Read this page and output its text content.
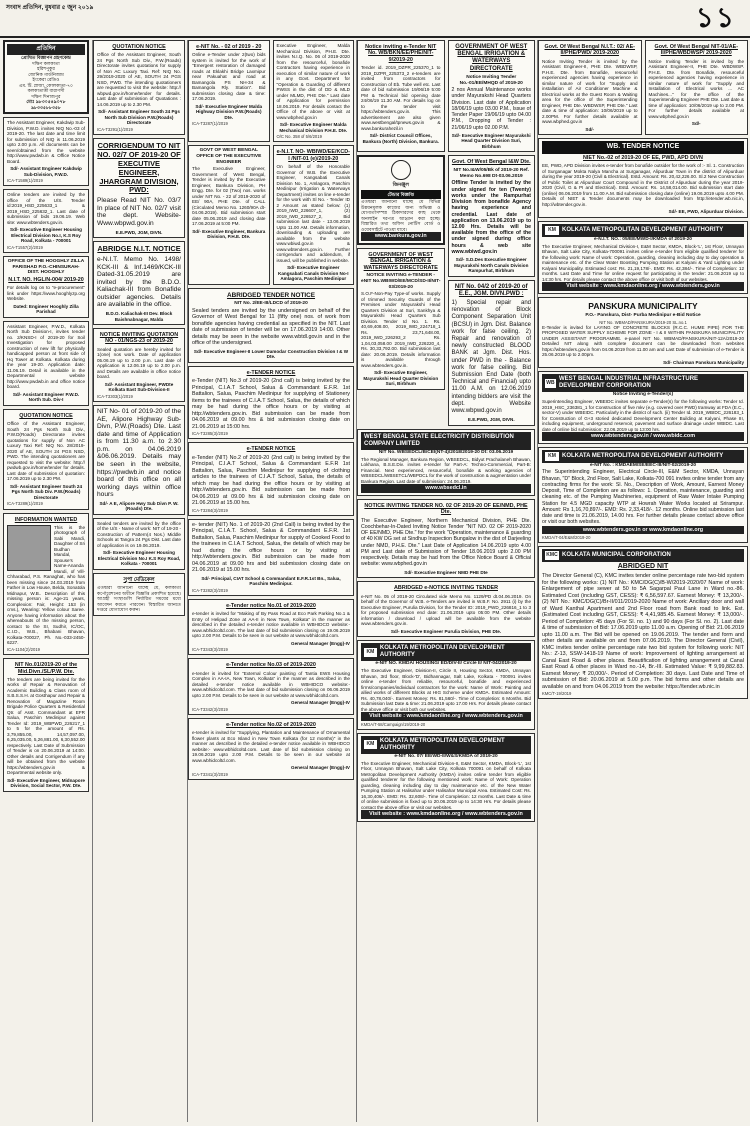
সংবাদ প্রতিদিন, বুধবার ৫ জুন ২০১৯	১১
প্রতিদিন
প্রোথিত বিজ্ঞাপন গ্রহণকেন্দ্র
দক্ষিণ কলকাতা
হরিশপুকুর
জোনিক গার্ডনিজাম
ইংকেরা রেডিও
এম. টি. প্লাজা, কোলকাতা-৭০
কলকাতাত্তী বারাণসী
দক্ষিণ দিনাজপুর
মোঃ ৯৮৩০৫৪৯০৭৮
৯৮৩৩৫৮৮৩৫৮
The Assistant Engineer, Kakdwip Sub-Division, P.W.D. invites NIQ No.-03 of 2019-20. The last date and time limit for submission of NIQ is 11.06.2019 upto 2.00 p.m. All documents can be seen/obtained from the website http://www.pwdwb.in & Office Notice Board.
Sd/- Assistant Engineer Kakdwip Sub-Division, P.W.D.
ICA-T1589(1)/2019
Online tenders are invited by the office of the U/S. Tender id:2019_HSD_225633_1 & 2019_HSD_225632_1. Last date of submission of bids 19.06.19. Web site: www.wbtenders.gov.in.
Sd/- Executive Engineer Housing Electrical Division No.I, K.S Roy Road, Kolkata - 700001
ICA-T1557(2)/2019
OFFICE OF THE HOOGHLY ZILLA PARISHAD P.O.-CHINSURAH-DIST. HOOGHLY
N.I.T. NO. HGL/N-004/ 2019-20
For details log on to "e-procurement" link under https://www.hooghlyzp.org Website.
Dated: Engineer Hooghly Zilla Parishad
Assistant Engineer, P.W.D., Kolkata North Sub Division-I, invites tender no. 2/KNSD-I of 2019-20 for Soil Investigation for proposed construction of new lift for physically handicapped person at front side of Hq Tower at Kolkata. Kolkata during the year 19-20. Application date: 11.06.19. Detail is available in the Departmental website http://www.pwdwb.in and office notice board.
Sd/- Assistant Engineer P.W.D. North Sub. Div-I
QUOTATION NOTICE
Office of the Assistant Engineer, South 24 Pgs North Sub Div., P.W.D(Roads) Directorate invites quotations for supply of Non AC Luxury Taxi Ref: NIQ No. 28/2019-2020 of AE, SOUTH 24 PGS NSD, PWD. The intending quotationers are requested to visit the website: http:// pwdwb.gov.in/home/tender for details. Last date of submission of quotation: 17.06.2019 up to 2.30 PM.
Sd/- Assistant Engineer South 24 Pgs North Sub Div. P.W.(Roads) Directorate
ICA-T3289(1)/2019
INFORMATION WANTED
This is the photograph of Sabi Mandi, Daughter of Sri Budhan Mandal, Spouse's Name-Ananda Mandi, of Vill- Chharabad, P.S. Ranaghat, who has been missing since 24.03.2019 from Father in Low House, Belda, Sonatola Midnapur, W.B.. Description of this missing person is: Age-21 years, Complexion: Fair, Height: 153 (in cms.), Wearing: Yellow colour Saree. Anyone having information about the whereabouts of the missing person, contact to the SI, Sudhir, IC/OC, C.I.D., W.B., Bhabani Bhavan, Kolkata-700027, Ph. No.-033-2450-6227.
ICA-1104(2)/2019
NIT No.01/2019-20 of the Mid.Divn./SL/P.W. Dte.
The tenders are being invited for the works of Repair & Renovation of Academic Building & Class room of S.B.S.S.H. at Gosthapur and Repair & Renovation of Magazine Room Brigade Police Quarters & Residential Qtr. of Asst. Commandant at EFR Salua, Paschim Medinipur against Tender Id: 2019_WBPWD_226217_1 to 5 for the amount of Rs. 3,79,855.00, 14,57,097.00, 6,25,035.00, 5,26,881.00, 6,30,552.00 respectively. Last Date of Submission of Tender is on 20.06.2019 at 14:00. Other details and Corrigendum if any will be obtained from the website https://wbtenders.gov.in & Departmental website only.
Sd/- Executive Engineer, Midnapore Division, Social Sector, P.W. Dte.
QUOTATION NOTICE
Office of the Assistant Engineer, South 24 Pgs North Sub Div., P.W.(Roads) Directorate invites quotations for supply of Non AC Luxury Taxi. Ref: NIQ No. 29/2019-2020 of AE, SOUTH 24 PGS NSD, PWD. The intending quotationers are requested to visit the website: http:// wbpwd.gov.in/home/tender for details. Last date of submission of Quotations : 14.06.2019 up to 2.30 PM.
Sd/- Assistant Engineer South 24 Pgs North Sub Division P.W.(Roads) Directorate
ICA-T3291(1)/2019
CORRIGENDUM TO NIT NO. 02/7 OF 2019-20 OF EXECUTIVE ENGINEER, JHARGRAM DIVISION, PWD:
Please Read NIT No. 03/7 In place of NIT No. 02/7 visit the dept. Website- Www.wbpwd.gov.in
E.E.PWD, JGM, DIVN.
ABRIDGE N.I.T. NOTICE
e-N.I.T. Memo No. 1498/ KCK-III & Inf.1469/KCK-III Dated-31.05.2019 are invited by the B.D.O. Kaliachak-III from Bonafide outsider agencies. Details are available in the office.
B.D.O. Kaliachak-III Dev. Block Baishnabnagar, Malda
NOTICE INVITING QUOTATION NO - 01/NGS-23 of 2019-20
Sealed quotation are hereby invited for 1(one) nos work. Date of application 05.06.19 up to 2.00 p.m. Last date of Application is 12.06.19 up to 2.00 p.m. and Details are available in office notice board.
Sd/- Assistant Engineer, PWDte Kolkata East Sub-Division-II
ICA-T3303(1)/2019
NIT No- 01 of 2019-20 of the AE, Alipore Highway Sub-Divn, P.W.(Roads) Dte. Last date and time of Application is from 11.30 a.m. to 2.30 p.m. on 04.06.2019 &06.06.2019. Details may be seen in the website, https://pwdwb.in and notice board of this office on all working days within office hours
Sd/- A E, Alipore Hwy Sub Divn P. W. (Roads) Dte.
Sealed tenders are invited by the office of the U/S - Name of work: NIT of 19-20 - Construction of Pattern(4 Nos.) Middle Schools at Tangra 24 Pgs Dist. Last date of application is on 19.06.2019.
Sd/- Executive Engineer Housing Electrical Division No.I K.S Roy Road, Kolkata - 700001
সুপা মেডিকেল
এতদ্বারা জানানো যাচ্ছে যে, কলকাতা কর্পোরেশনের অধীনে বিজ্ঞপ্তি প্রকাশিত হয়েছে। আগ্রহী সংস্থাগুলি নির্ধারিত সময়ের মধ্যে আবেদন করতে পারবেন। বিস্তারিত জানতে দপ্তরে যোগাযোগ করুন।
e-NIT No. - 02 of 2019 - 20
Online e-Tender under 2(two) bids system is invited for the work of "Emergent restoration of damaged roads at Eklakhi Bridge Laxmipur near Pakuahat and road at Bamangola PS NH-34 & Bamangola Rly. Station". Bid submission closing date & time: 17.06.2019.
Sd/- Executive Engineer Malda Highway Division P.W.(Roads) Dte.
ICA-T3287(1)/2019
Executive Engineer, Malda Mechanical Division, PH.E. Dte. invites N.I.Q. No. 06 of 2019-2020 from the resourceful, bonafide Contractors having experience in execution of similar nature of work in any Govt. Department for "Operation & Guarding of different PWSS in the dist of DD & MLD under MLMD, PHE Dte." Last date of Application for permission 18.06.2019. For details contact the Office of the above or visit at www.wbphed.gov.in
Sd/- Executive Engineer Malda Mechanical Division P.H.E. Dte.
O/C No. 358 of 5/6/2019
GOVT OF WEST BENGAL OFFICE OF THE EXECUTIVE ENGINEER
The Executive Engineer, Government of West Bengal, Tender is invited by the Executive Engineer, Bankura Division, PH Engg. Dte. for 02 (Two) nos. works under NIT No. - 22 of 2019-2020 of EE/ 90A, PHE Dte. of CALL (Circulated Memo No. 1260/90A dt- 04.06.2019). Bid submission start date 05.06.2019 and closing date 17.06.2019 at 5:00 PM.
Sd/- Executive Engineer, Bankura Division, P.H.E. Dte.
e-N.I.T. NO- WBIWD/EE/KCD-I /NIT-01 (e)/2019-20
On behalf of the Honorable Governor of W.B. the Executive Engineer, Kangsabati Canals Division No. 1, Amlagora, Paschim Medinipur (Irrigation & Waterways Department) invites on line e-tender for the work with Sl No. - Tender ID 2 Amount as stated below: (1) 2019_IWD_226607_1, (2) 2019_IWD_226527_2, Bid submission last date - 13.06.2019 Upto 11.00 AM. Details information, downloading & uploading are available from the website www.wbiwd.gov.in & www.wbtenders.gov.in. Further corrigendum and addendum, if issued, will be published in website.
Sd/- Executive Engineer Kangsabati Canals Division No-I Amlagora, Paschim Medinipur
ABRIDGED TENDER NOTICE
NIT No. 2/EE-III/LDCD of 2019-20
Sealed tenders are invited by the undersigned on behalf of the Governor of West Bengal for 11 (fifty one) nos. of work from bonafide agencies having credential as specified in the NIT. Last date of submission of tender will be on 17.06.2019 14:00. Other details may be seen in the website www.wbtdl.gov.in and in the office of the undersigned.
Sd/- Executive Engineer-II Lower Damodar Construction Division I & W Dte.
e-TENDER NOTICE
e-Tender (NIT) No.3 of 2019-20 (2nd call) is being invited by the Principal, C.I.A.T School, Salua & Commandant E.F.R. 1st Battalion, Salua, Paschim Medinipur for supplying of Stationery items to the trainees of C.I.A.T School, Salua, the details of which may be had during the office hours or by visiting at http://wbtenders.gov.in. Bid submission can be made from 04.06.2019 at 09.00 hrs & bid submission closing date on 21.06.2019 at 15:00 hrs.
ICA-T3285(3)/2019
e-TENDER NOTICE
e-Tender (NIT) No.2 of 2019-20 (2nd call) is being invited by the Principal, C.I.A.T School, Salua & Commandant E.F.R 1st Battalion, Salua, Paschim Medinipur for supplying of clothing articles to the trainees of C.I.A.T School, Salua, the details of which may be had during the office hours or by visiting at http://wbtenders.gov.in. Bid submission can be made from 04.06.2019 at 09.00 hrs & bid submission closing date on 21.06.2019 at 15.00 hrs.
ICA-T3284(3)/2019
e- tender (NIT) No. 1 of 2019-20 (2nd Call) is being invited by the Principal, C.I.A.T. School, Salua & Commandant E.F.R. 1st Battalion, Salua, Paschim Medinipur for supply of Cooked Food to the trainees in C.I.A.T School, Salua, the details of which may be had during the office hours or by visiting at http://wbtenders.gov.in. Bid submission can be made from 04.06.2019 at 09.00 hrs and bid submission closing date on 21.06.2019 at 15.00 hrs.
Sd/- Principal, CIAT School & Commandant E.F.R.1st Bn., Salua, Paschim Medinipur.
ICA-T3282(3)/2019
e-Tender notice No.01 of 2019-2020
e-tender is invited for "Making of By Pass Road at Eco Park Parking No.1 & Entry of Helipad Zone at AA-II in New Town, Kolkata" in the manner as described in the detailed e-tender notice available in WBHIDCO website:- www.wbhidcoltd.com. The last date of bid submission closing on 19.06.2019 upto 2.00 P.M. Details to be seen in our website at www.wbhidcoltd.com.
General Manager (Engg)-IV
ICA-T3343(3)/2019
e-Tender notice No.03 of 2019-2020
e-tender is invited for "External Colour painting of Tantia EWS Housing Complex in AA-IA, New Town, Kolkata" in the manner as described in the detailed e-tender notice available in WBHIDCO website:- www.wbhidcoltd.com. The last date of bid submission closing on 06.06.2019 upto 2.00 P.M. Details to be seen in our website at www.wbhidcoltd.com.
General Manager (Engg)-IV
ICA-T3342(3)/2019
e-Tender notice No.02 of 2019-2020
e-tender is invited for "Supplying, Plantation and Maintenance of Ornamental flower plants at Eco Island in New Town Kolkata (for 12 months)" in the manner as described in the detailed e-tender notice available in WBHIDCO website:- www.wbhidcoltd.com. Last date of bid submission closing on 19.06.2019 upto 2.00 P.M. Details to be seen in our website at www.wbhidcoltd.com.
General Manager (Engg)-IV
ICA-T3341(3)/2019
Notice inviting e-Tender NIT No. WB/BKN/EE/PHE/NIT-9/2019-20
Tender id. 2019_DZPR_225370_1 to 2019_DZPR_225373_2 e-tenders are invited from contractors for Construction of Eb. Tube well etc. Last date of bid submission 19/06/19 5:00 PM & Technical bid opening date 24/06/19 11.30 AM. For details log on to the tender visit https://wbtenders.gov.in. This advertisement are also given www.westbengal/tpnews.gov.in & www.bankurahezil.in
Sd/- District Council Offices, Bankura (North) Division, Bankura.
GOVERNMENT OF WEST BENGAL IRRIGATION & WATERWAYS DIRECTORATE
Notice Inviting Tender No.-01/EE/MHQD of 2019-20
2 nos Annual Maintenance works under Mayurakshi Head Quarters Division. Last date of Application 18/06/19 upto 03.00 P.M., Issue of Tender Paper 19/06/19 upto 04.00 P.M., Dropping of Tender : 21/06/19 upto 02.00 P.M.
Sd/- Executive Engineer Mayurakshi Head Quarter Division Suri, Birbhum
জিনঞ্জুল
টেন্ডার বিজ্ঞপ্তি
এতদ্বারা জানানো যাচ্ছে যে বিভিন্ন উন্নয়নমূলক কাজের জন্য অভিজ্ঞ ও যোগ্যতাসম্পন্ন ঠিকাদারদের কাছ থেকে অনলাইন দরপত্র আহ্বান করা হচ্ছে। বিস্তারিত তথ্য অফিস নোটিস বোর্ড ও ওয়েবসাইটে পাওয়া যাবে।
www.bankura.gov.in
GOVERNMENT OF WEST BENGAL IRRIGATION & WATERWAYS DIRECTORATE
NOTICE INVITING e-TENDER - eNIT No.WBIWD/EE/MCD/SD-II/NIT-03/2019-20
S.O.F-Non-Pay Type-of works. Supply of trimmed Security Guards of the Premises under Mayurakshi Head Quarters Division at Suri, Sankhya & Mayurakshi Head Quarters Sub Division. Tender Id No. 1. Rs. 40,69,408.00, 2019_IWD_224718_1 Rs. 23,71,648.00, 2019_IWD_226293_2 Rs. 1,04,03,058.00 2019_IWD_226220_4, Rs. 30,33,792.00. Bid submission last date: 20.06.2019. Details information is available through www.wbtenders.gov.in.
Sd/- Executive Engineer, Mayurakshi Head Quarter Division Suri, Birbhum
Govt. Of West Bengal I&W Dte.
NIT No.I&W/05/Bk of 2019-20 Ref. Memo No.698 Dt-03.06.2019
Offline Tender is invited by the under signed for ten (Twenty) works under the Rampurhat Division from bonafide Agency having experience and credential. Last date of application on 13.06.2019 up to 12.00 Hrs. Details will be available from the office of the under signed during office hours & web site www.wbiwd.gov.in
Sd/- S.D.Des Executive Engineer Mayurakshi North Canals Division Rampurhat, Birbhum
NIT No. 04/2 of 2019-20 of E.E., JGM. DIVN.PWD :
1) Special repair and renovation of Block Component Separation Unit (BCSU) in Jgm. Dist. Balance work for false ceiling. 2) Repair and renovation of newly constructed BLOOD BANK at Jgm. Dist. Hos. under PWD in the - Balance work for false ceiling. Bid Submission End Date (both Technical and Financial) upto 11.00 A.M. on 12.06.2019 intending bidders are visit the dept. Website www.wbpwd.gov.in
E.E.PWD, JGM, DIVN.
WEST BENGAL STATE ELECTRICITY DISTRIBUTION COMPANY LIMITED
NIT No. WBSEDCL/B/CEI(NT-4)/2018/2019-20 Dt: 03.06.2019
The Regional Manager, Bankura Region, WBSEDCL, Bidyut Prachalaneh Bhawan, Lokhana, B.S.E.Div. invites e-tender for Part-A: Techno-Commercial, Part-B: Financial. Next experienced, resourceful, bonafide & working agencies of WBSEDCL/WBSETCL/WBPDCL for the work of construction & augmentation under Bankura Region. Last date of submission: 24.06.2019.
www.wbsedcl.in
NOTICE INVITING TENDER NO. 02 OF 2019-20 OF EE/NMD, PHE Dte.
The Executive Engineer, Northern Mechanical Division, PHE Dte. Coochbehar-In-Dated Inviting Notice Tender "NIT NO. 02 OF 2019-2020 OF EE/NMD, PHE Dte." for the work "Operation, maintenance & guarding of 40 KW DG set at Sindhup Inspection Bungalow in the dist of Darjeeling under NMD, P.H.E. Dte." Last Date of Application 14.06.2019 upto 4.00 PM and Last date of Submission of Tender 18.06.2019 upto 2.00 PM respectively. Details may be had from the Office Notice Board & Official website: www.wbphed.gov.in
Sd/- Executive Engineer NMD PHE Dte
ABRIDGED e-NOTICE INVITING TENDER
e-NIT No. 05 of 2019-20 Circulated vide Memo No. 1129/PD dt.04.06.2019. On behalf of the Governor of W.B. e-Tenders are invited in W.B.F. No. 2911 (i) by the Executive Engineer, Purulia Division, for the Tender ID: 2019_PWD_226816_1 to 3 for proposed submission end date: 21.06.2019 upto 05:00 PM. Other details information / download / upload will be available from the website www.wbtenders.gov.in.
Sd/- Executive Engineer Purulia Division, PHE Dte.
KM
KOLKATA METROPOLITAN DEVELOPMENT AUTHORITY
e-NIT NO. KMDA/ HOUSING/ ED/DIV-II/ Circle II/ NIT-04/2019-20
The Executive Engineer, Division-II, Circle II, Housing Sector, KMDA, Unnayan Bhavan, 3rd floor, Block-'D', Bidhannagar, Salt Lake, Kolkata - 700091 invites online e-tender from reliable, resourceful, bonafide and experienced firms/companies/individual contractors for the work: Name of Work: Painting and allied works of different Blocks at HIG Scheme under KMDA. Estimated Amount: Rs. 40,78,040/-. Earnest Money: Rs. 81,560/-. Time of Completion: 6 Months. Bid Submission last Date & time: 21.06.2019 upto 17.00 Hrs. For details please contact the above office or visit both our websites.
Visit website : www.kmdaonline.org / www.wbtenders.gov.in
KMDA/T-58/Campaign/19/2019-20
KM
KOLKATA METROPOLITAN DEVELOPMENT AUTHORITY
e-NIT No. 07/ EE/WD-II/W&S/KMDA of 2019-20
The Executive Engineer, Mechanical Division-II, E&M Sector, KMDA, Block-'L', 1st Floor, Unnayan Bhavan, Salt Lake City, Kolkata 700091 on behalf of Kolkata Metropolitan Development Authority (KMDA) invites online tender from eligible qualified tenderer for the following mentioned work: Name of Work: Operation guarding, cleaning including day to day maintenance etc. of the New Water Pumping Station at Halisahar under Halisahar Municipal Area. Estimated Cost: Rs. 16,30,406/-. EMD: Rs. 32,608/-. Time of Completion: 12 months. Last Date & time of online submission is fixed up to 20.06.2019 up to 14:30 Hrs. For details please contact the above office or visit our websites.
Visit website : www.kmdaonline.org / www.wbtenders.gov.in
Govt. Of West Bengal N.I.T.: 02/ AE-II/PHE/PWD/ 2019-2020
Notice Inviting Tender is invited by the Assistant Engineer-II, PHE Dte. WBDWSP, P.H.E. Dte. from Bonafide, resourceful experienced agencies having experience in similar nature of work for "Supply and installation of Air Conditioner Machine & Electrical works at the Guest Room & Waiting area for the office of the Superintending Engineer, PHE Dte. WBDWSP, PHE Dte." Last date & time of application: 10/06/2019 up to 2.00PM. For further details available at www.wbphed.gov.in
Sd/-
Govt. Of West Bengal NIT-01/AE-II/PHE/WBDWSP/ 2019-2020
Notice Inviting Tender is invited by the Assistant Engineer-II, PHE Dte. WBDWSP. P.H.E. Dte. from Bonafide, resourceful experienced agencies having experience in similar nature of work for "Supply and Installation of Electrical works ... AC Machines..." for the office of the Superintending Engineer PHE Dte. Last date & time of application: 10/06/2019 up to 2.00 PM. For further details available at www.wbphed.gov.in
Sd/-
WB. TENDER NOTICE
NIET No.-02 of 2019-20 OF EE, PWD, APD DIVN
EE, PWD, APD Division invites e-tender from bonafide outsider for the work of :- Sl. 1. Construction of Surganagar Mokta Nalya Mancha at Surganagar, Alipurduar Town in the district of Alipurduar during the year 2019-20 (Civil & Electrical). Estd. Amount: Rs. 20,42,226.00. Sl.2 New Construction of Public Toilet at Alipurduar Court Compound in the District of Alipurduar during the year 2019-2020 (Civil, G & PI and Electrical). Estd. Amount: Rs. 14,58,014.00. Bid submission start date (online) 06.06.2019 from 11.00 A.M. Bid submission closing date (online) 19.06.2019 upto 4.00 PM. Details of NIET & Tender documents may be downloaded from http://etender.wb.nic.in, http://wbtender.gov.in.
Sd/- EE, PWD, Alipurduar Division.
KM	KOLKATA METROPOLITAN DEVELOPMENT AUTHORITY
e-N.I.T. NO.: 05/EE/MWD-I/KMDA of 2019-20
The Executive Engineer, Mechanical Division-I, E&M Sector, KMDA, Block-'L', 1st Floor, Unnayan Bhavan, Salt Lake City, Kolkata-700091 invites online e-tender from eligible qualified tenderer for the following work: Name of work: Operation, guarding, cleaning including day to day operation & maintenance etc. of the Clear Water Boosting Pumping Station at Kalyani & Yard Lighting under Kalyani Municipality. Estimated cost: Rs. 21,19,178/-. EMD: Rs. 42,384/-. Time of Completion: 12 months. Last Date and Time for online request for participating in the tender: 21.06.2019 up to 14:30 hrs. For details please contact the above office or visit both of our websites.
Visit website : www.kmdaonline.org / www.wbtenders.gov.in
PANSKURA MUNICIPALITY
P.O.- Panskura, Dist- Purba Medinipur e-Bid Notice
NIT No. WBMAD/PANSKURA/2019-20 SL.no.1
E-Tender is invited for LAYING OF CONCRETE BLOCKS (R.C.C. HUME PIPE) FOR THE PROPOSED WATER SUPPLY SCHEME FOR ZONE - I & II WITHIN PANSKURA MUNICIPALITY UNDER ASSISTANT PROGRAMME. e-panel NIT No. WBMAD/PANSKURA/NIT-12A/2019-20 Detailed NIT along with complete document can be downloaded from websites https://wbtenders.gov.in from 04.06.2019 from 11.00 am and Last Date of submission of e-Tender is 25.06.2019 up to 2.00pm.
Sd/- Chairman Panskura Municipality
WB
WEST BENGAL INDUSTRIAL INFRASTRUCTURE DEVELOPMENT CORPORATION
Notice Inviting e-Tender(s)
Superintending Engineer, WBEIDC invites separate e-Tender(s) for the following works: Tender Id. 2019_HSC_236381_1 for Construction of five mkv (e.g. covered over PWD) tramway at FDA (E.C., sector-V) under WBEIDC. Particularly in the district of such. (ii) Tender Id. 2019_WBIDC_226183_1 for Construction of G+3 storied dedicated Development Center Building at Kalyani, Phase III, including equipment, underground reservoir, pavement and surface drainage under WBIDC. Last date of online bid submission: 22.06.2019 up to 13:00 hrs.
www.wbtenders.gov.in / www.wbidc.com
KM	KOLKATA METROPOLITAN DEVELOPMENT AUTHORITY
e-NIT No. : KMDAEM/SE/EEC-III/NIT-02/2019-20
The Superintending Engineer, Electrical Circle-III, E&M Sector, KMDA, Unnayan Bhavan, "D" Block, 2nd Floor, Salt Lake, Kolkata-700 091 invites online tender from any contracting firms for the work: Sl. No., Description of Work, Amount, Earnest Money Deposit, Time of Completion are as follows: 1. Operation, maintenance, guarding and cleaning etc. of the Pumping Machineries, equipment of Raw Water Intake Pumping Station for 4.5 MGD capacity WTP at Howrah Water Works located at Srirampur. Amount: Rs 1,16,70,897/-. EMD: Rs. 2,33,418/-. 12 months. Online bid submission last date and time is 21.06.2019, 14.00 hrs. For further details please contact above office or visit our both websites.
www.wbtenders.gov.in or www.kmdaonline.org
KMDA/T-04/E&M/2019-20
KMC KOLKATA MUNICIPAL CORPORATION
ABRIDGED NIT
The Director General (C), KMC invites tender online percentage rate two-bid system for the following works: (1) NIT No.: KMC/DG(C)/B-W/2019-2020/07 Name of work: Enlargement of pipe sewer at 50 to 5A Sagarpal Paul Lane in Ward no.-86. Estimated Cost (including GST, CESS): ₹ 6,56,597.67. Earnest Money: ₹ 13,200/-. (2) NIT No.: KMC/DG(C)/Br-II/011/2019-2020 Name of work: Ancillary door and wall of Ward Kanthal Apartment and 2nd Floor road from Bank road to link. Est. (Estimated Cost including GST, CESS): ₹ 4,41,985.45. Earnest Money: ₹ 13,000/-. Period of Completion: 45 days (For Sl. no. 1) and 90 days (For Sl. no. 2). Last date & time of submission of Bid: 17.06.2019 upto 11.00 a.m. Opening of Bid: 21.06.2019 upto 11.00 a.m. The Bid will be opened on 19.06.2019. The tender and form and other details are available on and from 07.06.2019. The Director General (Civil), KMC invites tender online percentage rate two bid system for following work: NIT No.: Z-13, SSW-1418-19 Name of work: Improvement of lighting arrangement at Canal East Road & other places. Beautification of lighting arrangement at Canal East Road & other places in Ward no.-14, Br.-III. Estimated Value: ₹ 9,99,882.83. Earnest Money: ₹ 20,000/-. Period of Completion: 30 days. Last Date and Time of submission of Bid: 20.06.2019 at 5.00 p.m. The bid forms and other details are available on and from 04.06.2019 from the website: https://tender.wb.nic.in
KMC/T-19/2019
